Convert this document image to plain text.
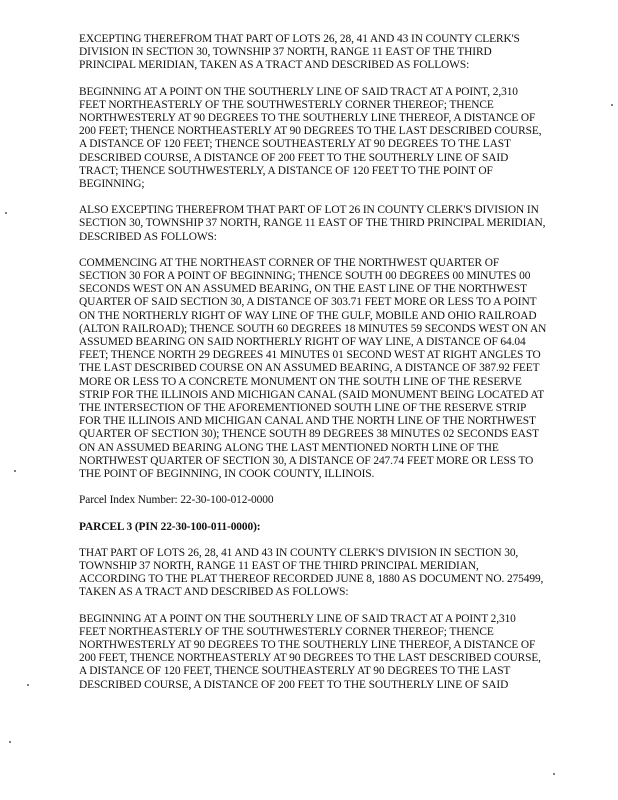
EXCEPTING THEREFROM THAT PART OF LOTS 26, 28, 41 AND 43 IN COUNTY CLERK'S
DIVISION IN SECTION 30, TOWNSHIP 37 NORTH, RANGE 11 EAST OF THE THIRD
PRINCIPAL MERIDIAN, TAKEN AS A TRACT AND DESCRIBED AS FOLLOWS:

BEGINNING AT A POINT ON THE SOUTHERLY LINE OF SAID TRACT AT A POINT, 2,310
FEET NORTHEASTERLY OF THE SOUTHWESTERLY CORNER THEREOF; THENCE
NORTHWESTERLY AT 90 DEGREES TO THE SOUTHERLY LINE THEREOF, A DISTANCE OF
200 FEET; THENCE NORTHEASTERLY AT 90 DEGREES TO THE LAST DESCRIBED COURSE,
A DISTANCE OF 120 FEET; THENCE SOUTHEASTERLY AT 90 DEGREES TO THE LAST
DESCRIBED COURSE, A DISTANCE OF 200 FEET TO THE SOUTHERLY LINE OF SAID
TRACT; THENCE SOUTHWESTERLY, A DISTANCE OF 120 FEET TO THE POINT OF
BEGINNING;

ALSO EXCEPTING THEREFROM THAT PART OF LOT 26 IN COUNTY CLERK'S DIVISION IN
SECTION 30, TOWNSHIP 37 NORTH, RANGE 11 EAST OF THE THIRD PRINCIPAL MERIDIAN,
DESCRIBED AS FOLLOWS:

COMMENCING AT THE NORTHEAST CORNER OF THE NORTHWEST QUARTER OF
SECTION 30 FOR A POINT OF BEGINNING; THENCE SOUTH 00 DEGREES 00 MINUTES 00
SECONDS WEST ON AN ASSUMED BEARING, ON THE EAST LINE OF THE NORTHWEST
QUARTER OF SAID SECTION 30, A DISTANCE OF 303.71 FEET MORE OR LESS TO A POINT
ON THE NORTHERLY RIGHT OF WAY LINE OF THE GULF, MOBILE AND OHIO RAILROAD
(ALTON RAILROAD); THENCE SOUTH 60 DEGREES 18 MINUTES 59 SECONDS WEST ON AN
ASSUMED BEARING ON SAID NORTHERLY RIGHT OF WAY LINE, A DISTANCE OF 64.04
FEET; THENCE NORTH 29 DEGREES 41 MINUTES 01 SECOND WEST AT RIGHT ANGLES TO
THE LAST DESCRIBED COURSE ON AN ASSUMED BEARING, A DISTANCE OF 387.92 FEET
MORE OR LESS TO A CONCRETE MONUMENT ON THE SOUTH LINE OF THE RESERVE
STRIP FOR THE ILLINOIS AND MICHIGAN CANAL (SAID MONUMENT BEING LOCATED AT
THE INTERSECTION OF THE AFOREMENTIONED SOUTH LINE OF THE RESERVE STRIP
FOR THE ILLINOIS AND MICHIGAN CANAL AND THE NORTH LINE OF THE NORTHWEST
QUARTER OF SECTION 30); THENCE SOUTH 89 DEGREES 38 MINUTES 02 SECONDS EAST
ON AN ASSUMED BEARING ALONG THE LAST MENTIONED NORTH LINE OF THE
NORTHWEST QUARTER OF SECTION 30, A DISTANCE OF 247.74 FEET MORE OR LESS TO
THE POINT OF BEGINNING, IN COOK COUNTY, ILLINOIS.

Parcel Index Number: 22-30-100-012-0000

PARCEL 3 (PIN 22-30-100-011-0000):

THAT PART OF LOTS 26, 28, 41 AND 43 IN COUNTY CLERK'S DIVISION IN SECTION 30,
TOWNSHIP 37 NORTH, RANGE 11 EAST OF THE THIRD PRINCIPAL MERIDIAN,
ACCORDING TO THE PLAT THEREOF RECORDED JUNE 8, 1880 AS DOCUMENT NO. 275499,
TAKEN AS A TRACT AND DESCRIBED AS FOLLOWS:

BEGINNING AT A POINT ON THE SOUTHERLY LINE OF SAID TRACT AT A POINT 2,310
FEET NORTHEASTERLY OF THE SOUTHWESTERLY CORNER THEREOF; THENCE
NORTHWESTERLY AT 90 DEGREES TO THE SOUTHERLY LINE THEREOF, A DISTANCE OF
200 FEET, THENCE NORTHEASTERLY AT 90 DEGREES TO THE LAST DESCRIBED COURSE,
A DISTANCE OF 120 FEET, THENCE SOUTHEASTERLY AT 90 DEGREES TO THE LAST
DESCRIBED COURSE, A DISTANCE OF 200 FEET TO THE SOUTHERLY LINE OF SAID
